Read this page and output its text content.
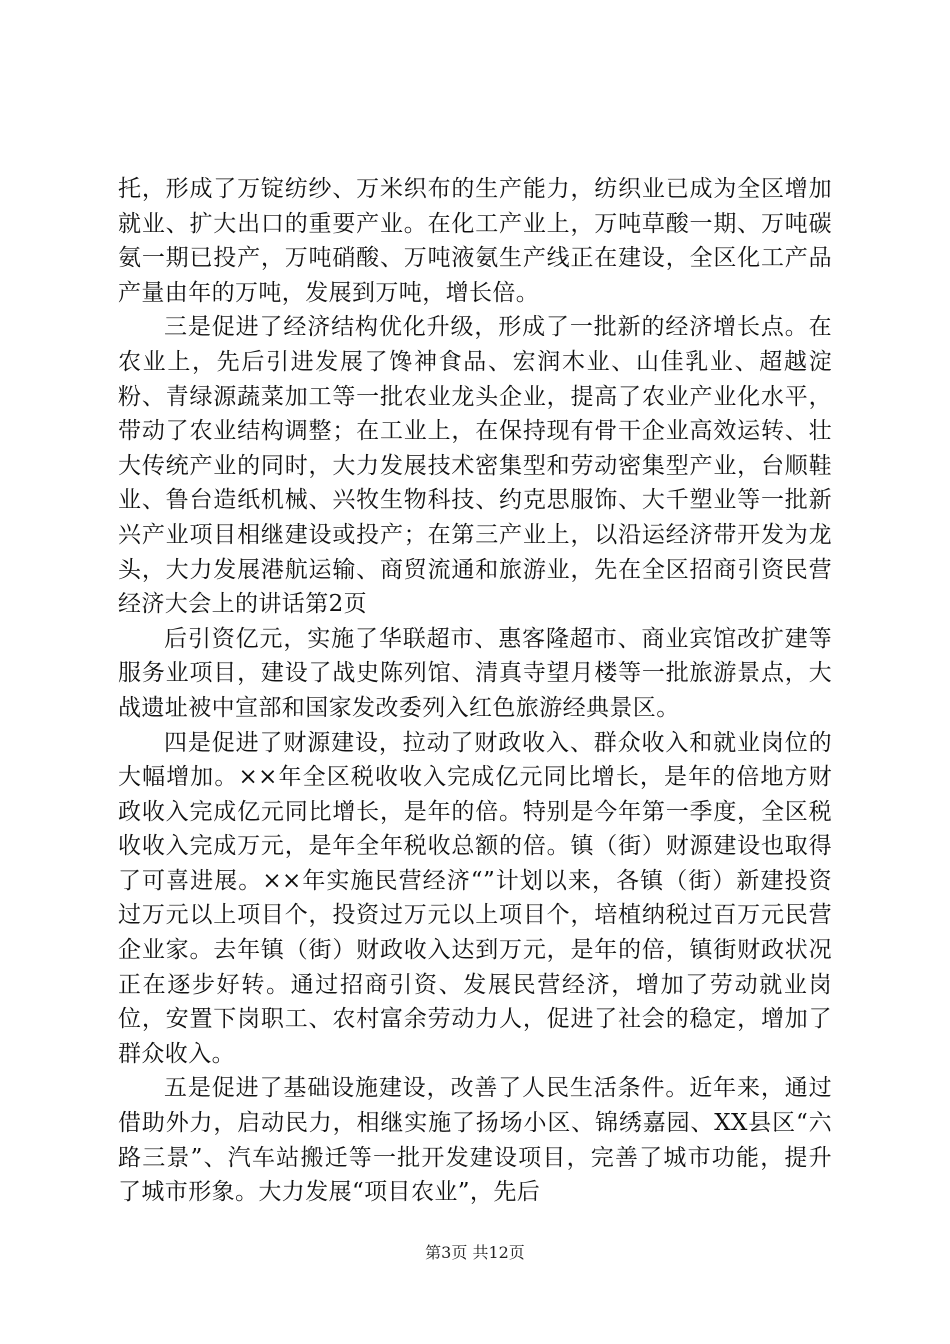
托，形成了万锭纺纱、万米织布的生产能力，纺织业已成为全区增加就业、扩大出口的重要产业。在化工产业上，万吨草酸一期、万吨碳氨一期已投产，万吨硝酸、万吨液氨生产线正在建设，全区化工产品产量由年的万吨，发展到万吨，增长倍。

三是促进了经济结构优化升级，形成了一批新的经济增长点。在农业上，先后引进发展了馋神食品、宏润木业、山佳乳业、超越淀粉、青绿源蔬菜加工等一批农业龙头企业，提高了农业产业化水平，带动了农业结构调整；在工业上，在保持现有骨干企业高效运转、壮大传统产业的同时，大力发展技术密集型和劳动密集型产业，台顺鞋业、鲁台造纸机械、兴牧生物科技、约克思服饰、大千塑业等一批新兴产业项目相继建设或投产；在第三产业上，以沿运经济带开发为龙头，大力发展港航运输、商贸流通和旅游业，先在全区招商引资民营经济大会上的讲话第2页

后引资亿元，实施了华联超市、惠客隆超市、商业宾馆改扩建等服务业项目，建设了战史陈列馆、清真寺望月楼等一批旅游景点，大战遗址被中宣部和国家发改委列入红色旅游经典景区。

四是促进了财源建设，拉动了财政收入、群众收入和就业岗位的大幅增加。××年全区税收收入完成亿元同比增长，是年的倍地方财政收入完成亿元同比增长，是年的倍。特别是今年第一季度，全区税收收入完成万元，是年全年税收总额的倍。镇（街）财源建设也取得了可喜进展。××年实施民营经济“”计划以来，各镇（街）新建投资过万元以上项目个，投资过万元以上项目个，培植纳税过百万元民营企业家。去年镇（街）财政收入达到万元，是年的倍，镇街财政状况正在逐步好转。通过招商引资、发展民营经济，增加了劳动就业岗位，安置下岗职工、农村富余劳动力人，促进了社会的稳定，增加了群众收入。

五是促进了基础设施建设，改善了人民生活条件。近年来，通过借助外力，启动民力，相继实施了扬场小区、锦绣嘉园、XX县区“六路三景”、汽车站搬迁等一批开发建设项目，完善了城市功能，提升了城市形象。大力发展“项目农业”，先后

第3页 共12页
